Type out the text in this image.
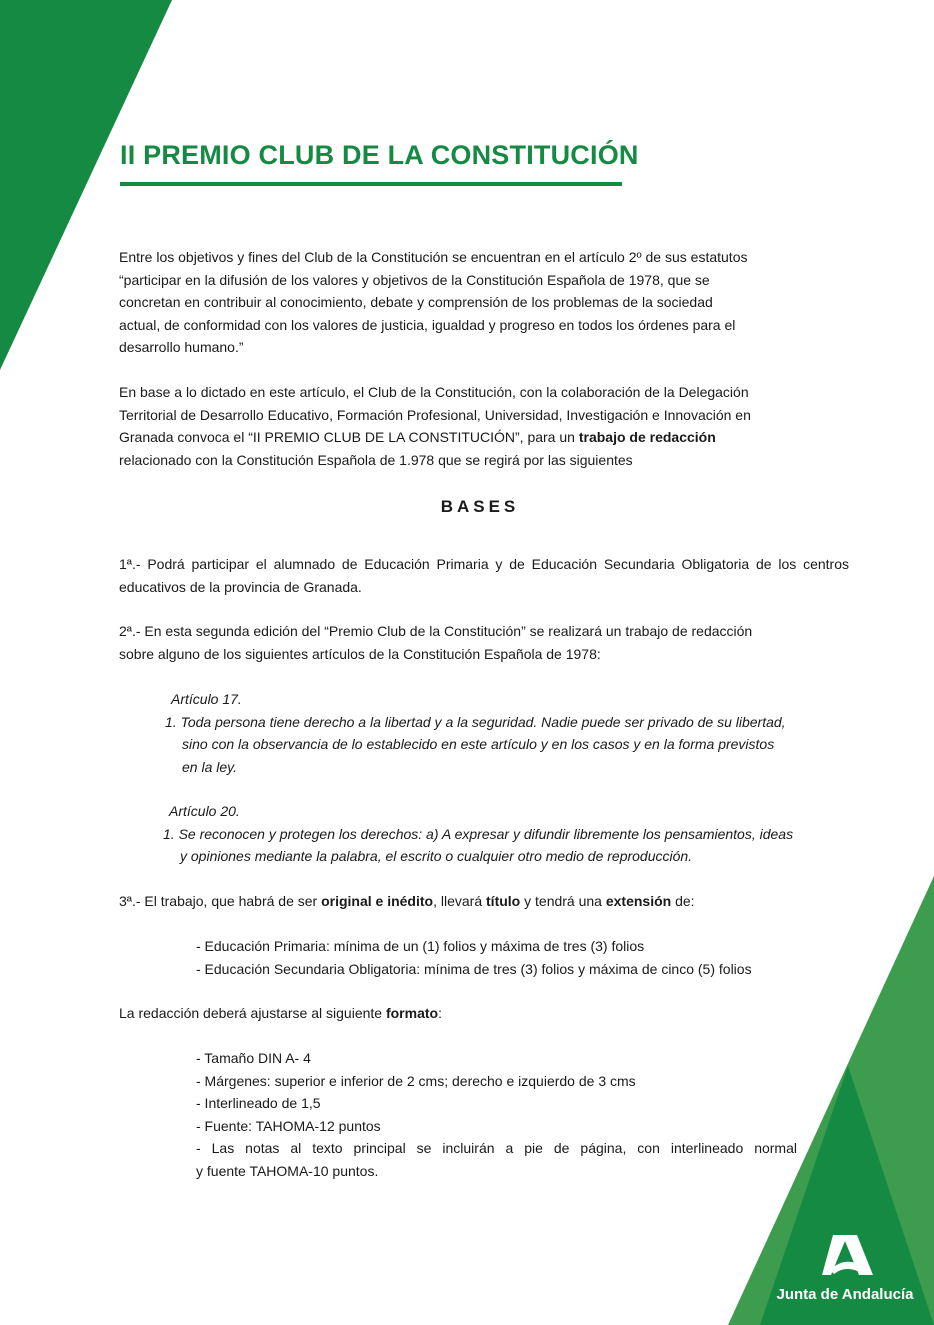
II PREMIO CLUB DE LA CONSTITUCIÓN
Entre los objetivos y fines del Club de la Constitución se encuentran en el artículo 2º de sus estatutos
“participar en la difusión de los valores y objetivos de la Constitución Española de 1978, que se
concretan en contribuir al conocimiento, debate y comprensión de los problemas de la sociedad
actual, de conformidad con los valores de justicia, igualdad y progreso en todos los órdenes para el
desarrollo humano.”
En base a lo dictado en este artículo, el Club de la Constitución, con la colaboración de la Delegación
Territorial de Desarrollo Educativo, Formación Profesional, Universidad, Investigación e Innovación en
Granada convoca el “II PREMIO CLUB DE LA CONSTITUCIÓN”, para un trabajo de redacción
relacionado con la Constitución Española de 1.978 que se regirá por las siguientes
BASES

1ª.- Podrá participar el alumnado de Educación Primaria y de Educación Secundaria Obligatoria de los centros educativos de la provincia de Granada.

2ª.- En esta segunda edición del “Premio Club de la Constitución” se realizará un trabajo de redacción
sobre alguno de los siguientes artículos de la Constitución Española de 1978:
Artículo 17.
1. Toda persona tiene derecho a la libertad y a la seguridad. Nadie puede ser privado de su libertad,
sino con la observancia de lo establecido en este artículo y en los casos y en la forma previstos
en la ley.
Artículo 20.
1. Se reconocen y protegen los derechos: a) A expresar y difundir libremente los pensamientos, ideas
y opiniones mediante la palabra, el escrito o cualquier otro medio de reproducción.

3ª.- El trabajo, que habrá de ser original e inédito, llevará título y tendrá una extensión de:

- Educación Primaria: mínima de un (1) folios y máxima de tres (3) folios

- Educación Secundaria Obligatoria: mínima de tres (3) folios y máxima de cinco (5) folios

La redacción deberá ajustarse al siguiente formato:

- Tamaño DIN A- 4

- Márgenes: superior e inferior de 2 cms; derecho e izquierdo de 3 cms

- Interlineado de 1,5

- Fuente: TAHOMA-12 puntos

- Las notas al texto principal se incluirán a pie de página, con interlineado normal

y fuente TAHOMA-10 puntos.

Junta de Andalucía
